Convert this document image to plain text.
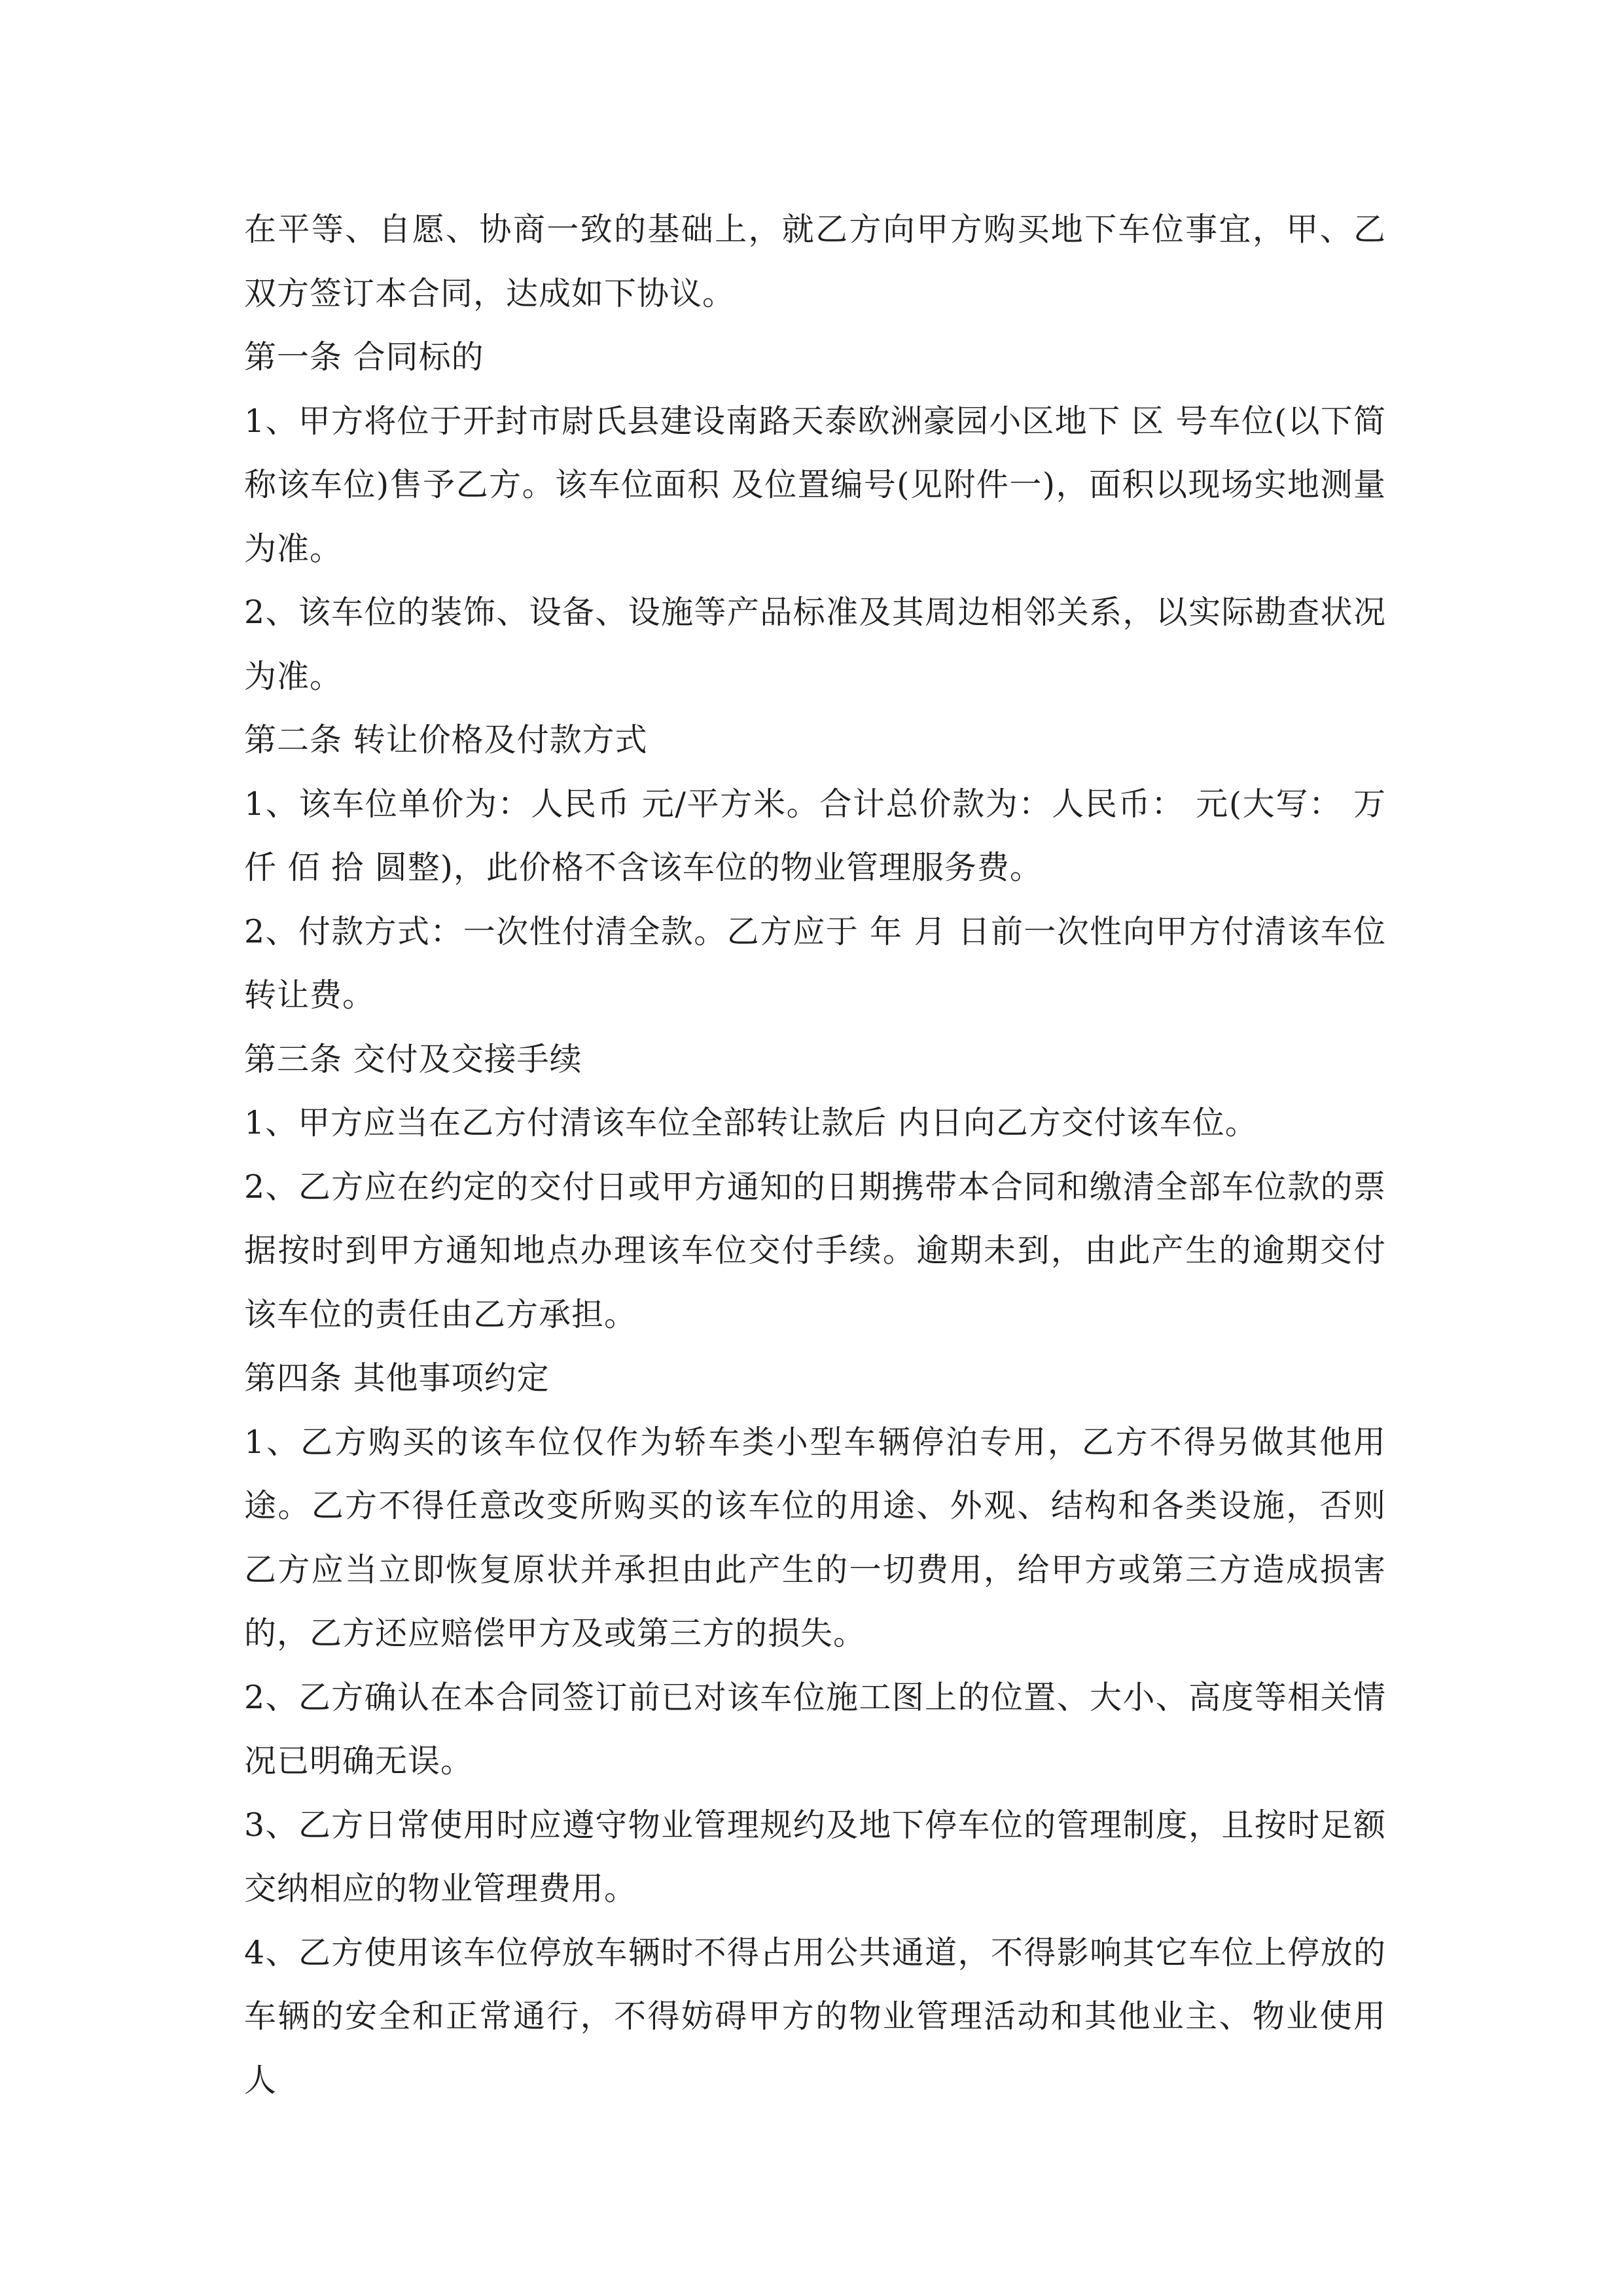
在平等、自愿、协商一致的基础上，就乙方向甲方购买地下车位事宜，甲、乙双方签订本合同，达成如下协议。

第一条 合同标的

1、甲方将位于开封市尉氏县建设南路天泰欧洲豪园小区地下 区 号车位(以下简称该车位)售予乙方。该车位面积 及位置编号(见附件一)，面积以现场实地测量为准。

2、该车位的装饰、设备、设施等产品标准及其周边相邻关系，以实际勘查状况为准。

第二条 转让价格及付款方式

1、该车位单价为：人民币 元/平方米。合计总价款为：人民币： 元(大写： 万 仟 佰 拾 圆整)，此价格不含该车位的物业管理服务费。

2、付款方式：一次性付清全款。乙方应于 年 月 日前一次性向甲方付清该车位转让费。

第三条 交付及交接手续

1、甲方应当在乙方付清该车位全部转让款后 内日向乙方交付该车位。

2、乙方应在约定的交付日或甲方通知的日期携带本合同和缴清全部车位款的票据按时到甲方通知地点办理该车位交付手续。逾期未到，由此产生的逾期交付该车位的责任由乙方承担。

第四条 其他事项约定

1、乙方购买的该车位仅作为轿车类小型车辆停泊专用，乙方不得另做其他用途。乙方不得任意改变所购买的该车位的用途、外观、结构和各类设施，否则乙方应当立即恢复原状并承担由此产生的一切费用，给甲方或第三方造成损害的，乙方还应赔偿甲方及或第三方的损失。

2、乙方确认在本合同签订前已对该车位施工图上的位置、大小、高度等相关情况已明确无误。

3、乙方日常使用时应遵守物业管理规约及地下停车位的管理制度，且按时足额交纳相应的物业管理费用。

4、乙方使用该车位停放车辆时不得占用公共通道，不得影响其它车位上停放的车辆的安全和正常通行，不得妨碍甲方的物业管理活动和其他业主、物业使用人
